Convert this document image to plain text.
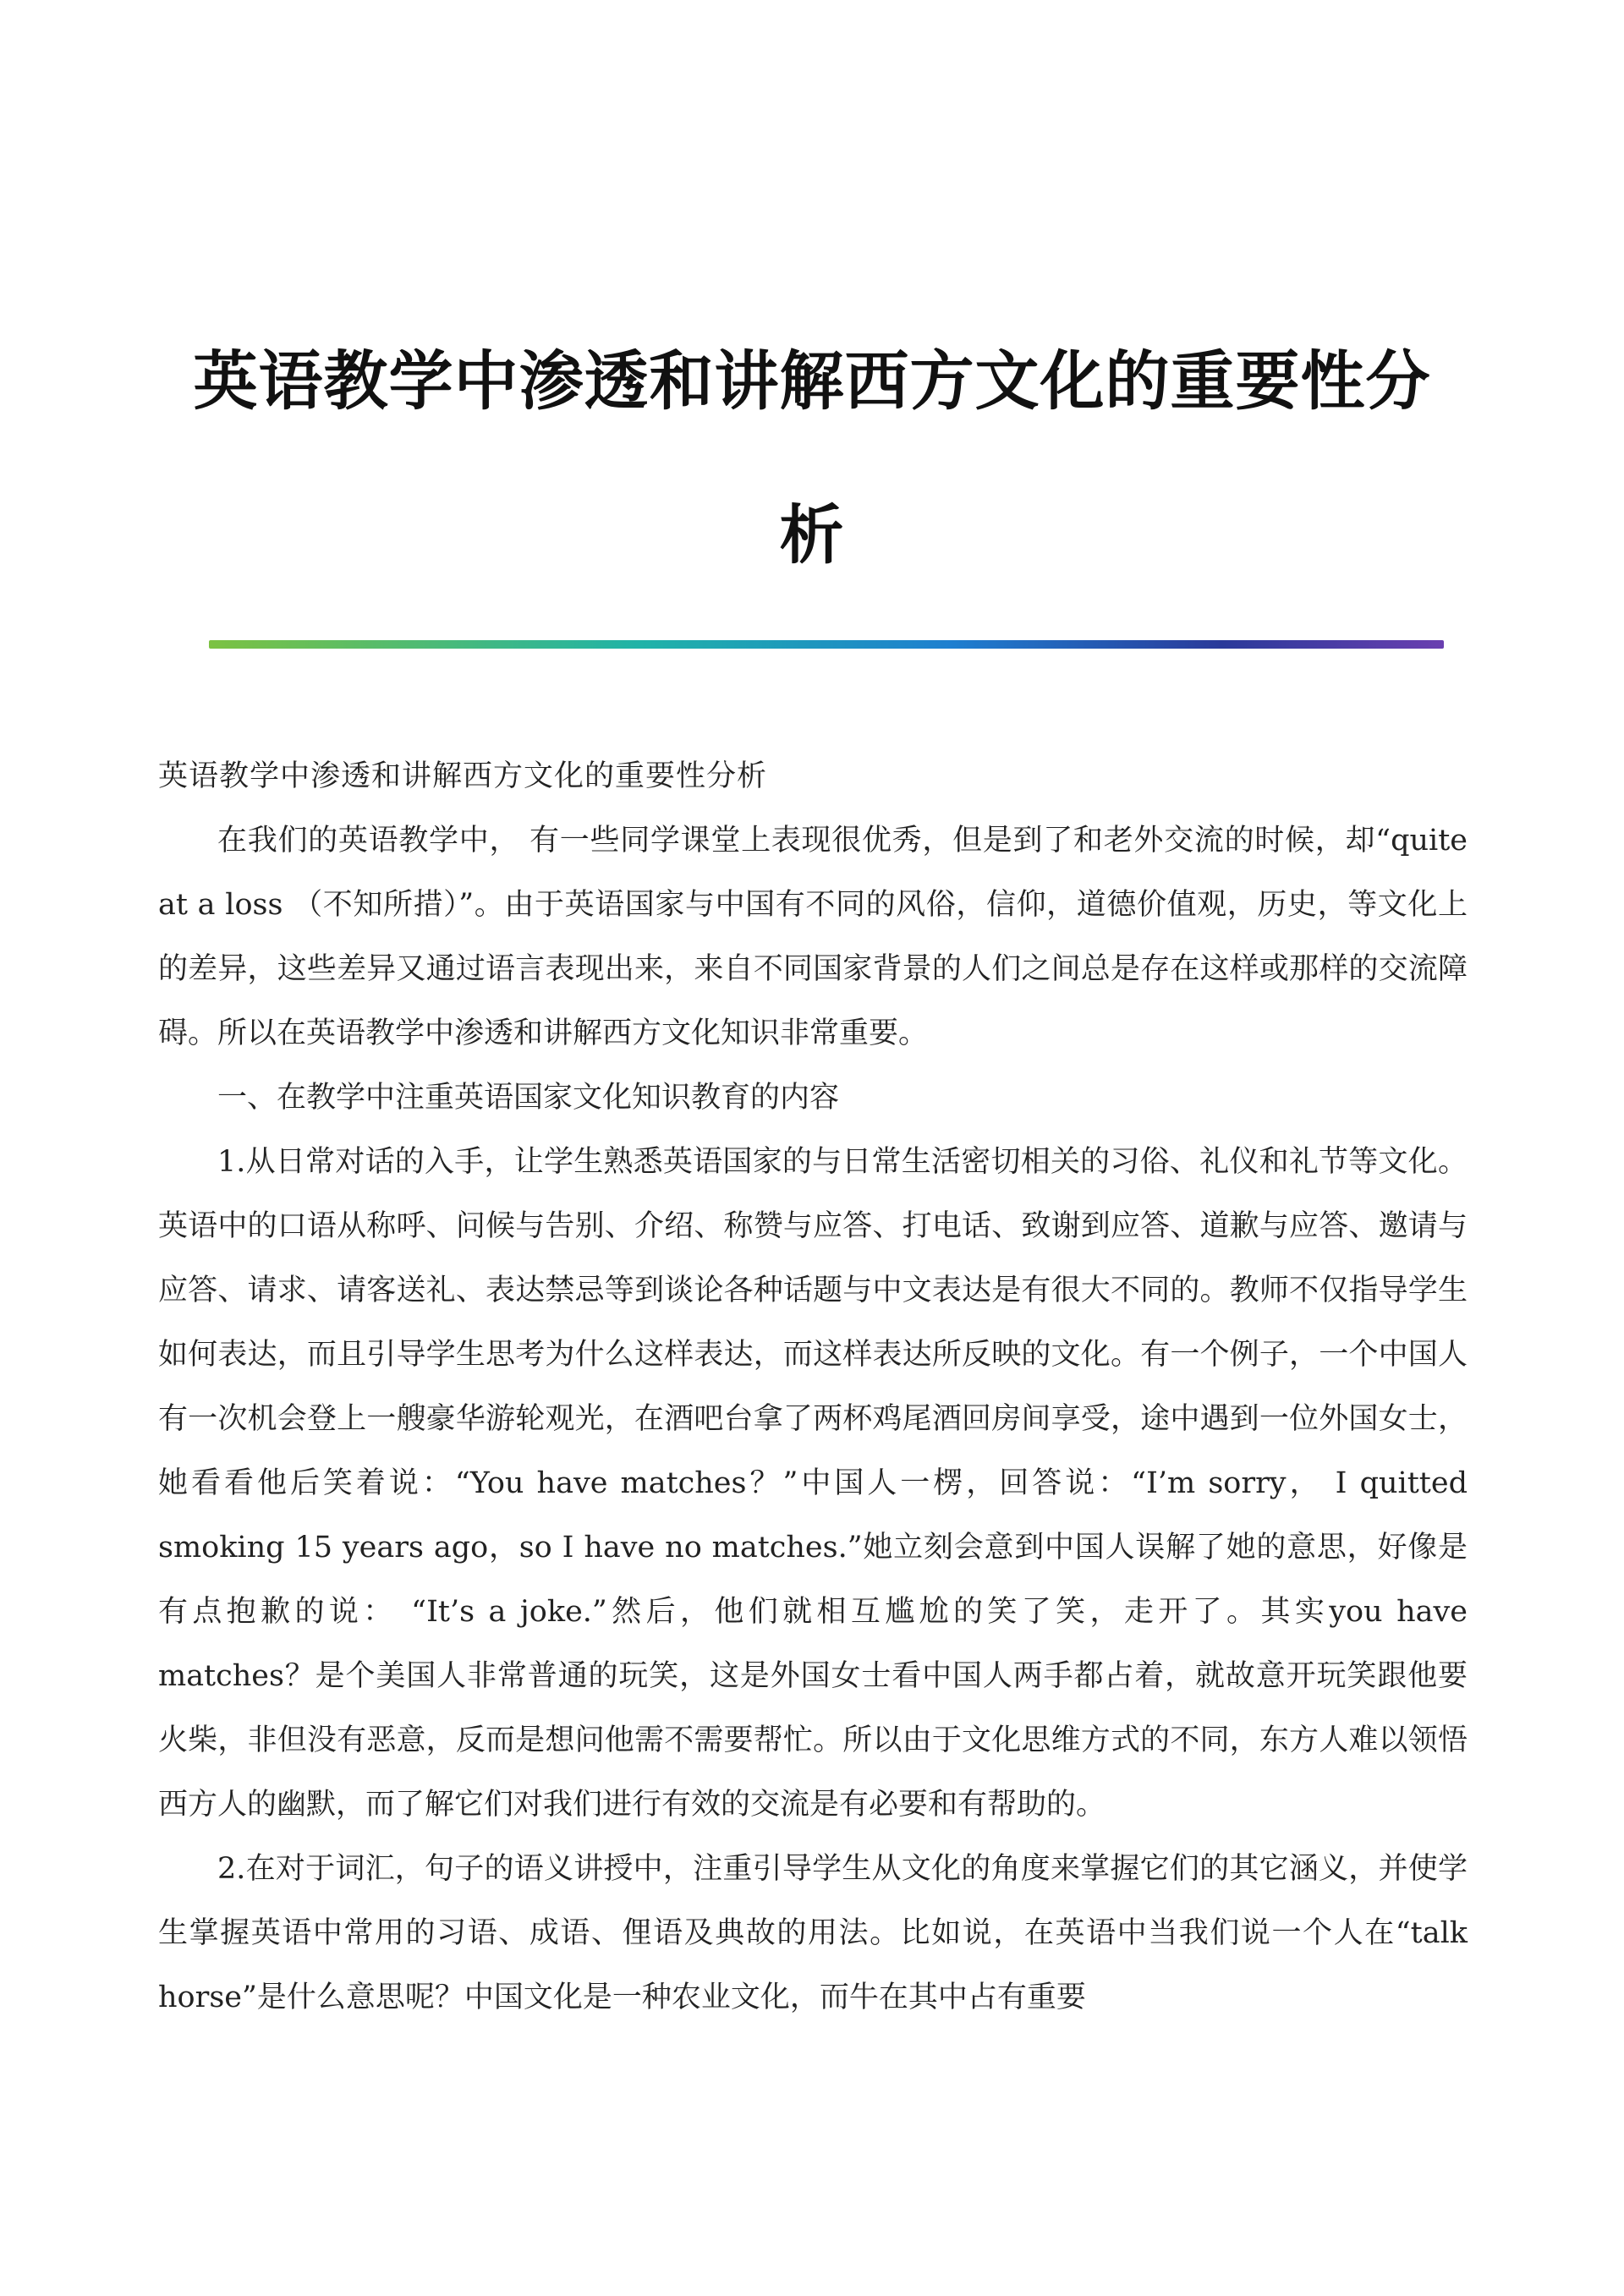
英语教学中渗透和讲解西方文化的重要性分
析

英语教学中渗透和讲解西方文化的重要性分析

在我们的英语教学中， 有一些同学课堂上表现很优秀，但是到了和老外交流的时候，却“quite at a loss （不知所措）”。由于英语国家与中国有不同的风俗，信仰，道德价值观，历史，等文化上的差异，这些差异又通过语言表现出来，来自不同国家背景的人们之间总是存在这样或那样的交流障碍。所以在英语教学中渗透和讲解西方文化知识非常重要。

一、在教学中注重英语国家文化知识教育的内容

1.从日常对话的入手，让学生熟悉英语国家的与日常生活密切相关的习俗、礼仪和礼节等文化。英语中的口语从称呼、问候与告别、介绍、称赞与应答、打电话、致谢到应答、道歉与应答、邀请与应答、请求、请客送礼、表达禁忌等到谈论各种话题与中文表达是有很大不同的。教师不仅指导学生如何表达，而且引导学生思考为什么这样表达，而这样表达所反映的文化。有一个例子，一个中国人有一次机会登上一艘豪华游轮观光，在酒吧台拿了两杯鸡尾酒回房间享受，途中遇到一位外国女士，她看看他后笑着说：“You have matches？”中国人一楞，回答说：“I’m sorry， I quitted smoking 15 years ago，so I have no matches.”她立刻会意到中国人误解了她的意思，好像是有点抱歉的说： “It’s a joke.”然后，他们就相互尴尬的笑了笑，走开了。其实you have matches？是个美国人非常普通的玩笑，这是外国女士看中国人两手都占着，就故意开玩笑跟他要火柴，非但没有恶意，反而是想问他需不需要帮忙。所以由于文化思维方式的不同，东方人难以领悟西方人的幽默，而了解它们对我们进行有效的交流是有必要和有帮助的。

2.在对于词汇，句子的语义讲授中，注重引导学生从文化的角度来掌握它们的其它涵义，并使学生掌握英语中常用的习语、成语、俚语及典故的用法。比如说，在英语中当我们说一个人在“talk horse”是什么意思呢？中国文化是一种农业文化，而牛在其中占有重要
